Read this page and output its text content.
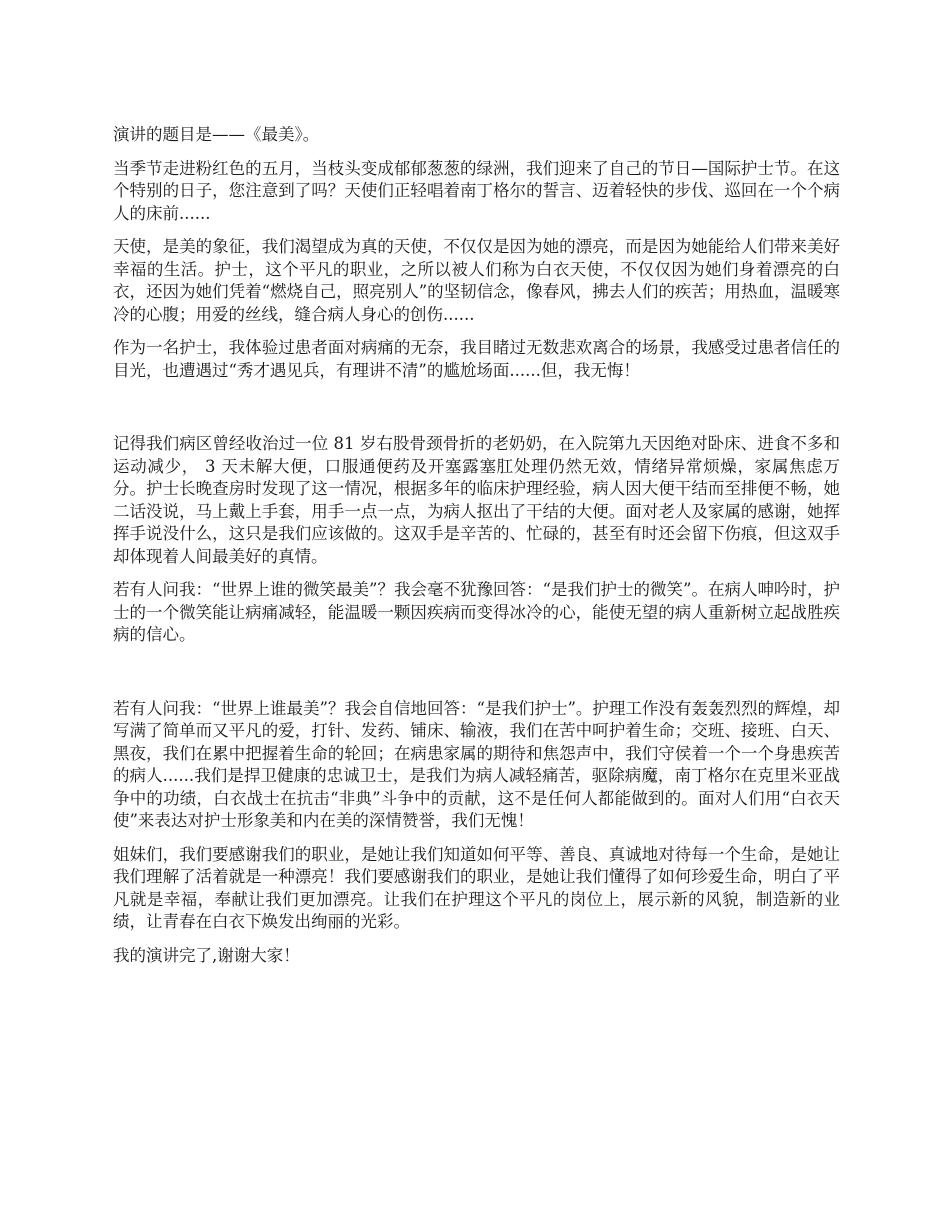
演讲的题目是——《最美》。

当季节走进粉红色的五月，当枝头变成郁郁葱葱的绿洲，我们迎来了自己的节日—国际护士节。在这个特别的日子，您注意到了吗？天使们正轻唱着南丁格尔的誓言、迈着轻快的步伐、巡回在一个个病人的床前......

天使，是美的象征，我们渴望成为真的天使，不仅仅是因为她的漂亮，而是因为她能给人们带来美好幸福的生活。护士，这个平凡的职业，之所以被人们称为白衣天使，不仅仅因为她们身着漂亮的白衣，还因为她们凭着“燃烧自己，照亮别人”的坚韧信念，像春风，拂去人们的疾苦；用热血，温暖寒冷的心腹；用爱的丝线，缝合病人身心的创伤......

作为一名护士，我体验过患者面对病痛的无奈，我目睹过无数悲欢离合的场景，我感受过患者信任的目光，也遭遇过“秀才遇见兵，有理讲不清”的尴尬场面......但，我无悔！

记得我们病区曾经收治过一位 81 岁右股骨颈骨折的老奶奶，在入院第九天因绝对卧床、进食不多和运动减少， 3 天未解大便，口服通便药及开塞露塞肛处理仍然无效，情绪异常烦燥，家属焦虑万分。护士长晚查房时发现了这一情况，根据多年的临床护理经验，病人因大便干结而至排便不畅，她二话没说，马上戴上手套，用手一点一点，为病人抠出了干结的大便。面对老人及家属的感谢，她挥挥手说没什么，这只是我们应该做的。这双手是辛苦的、忙碌的，甚至有时还会留下伤痕，但这双手却体现着人间最美好的真情。

若有人问我：“世界上谁的微笑最美”？我会毫不犹豫回答：“是我们护士的微笑”。在病人呻吟时，护士的一个微笑能让病痛减轻，能温暖一颗因疾病而变得冰冷的心，能使无望的病人重新树立起战胜疾病的信心。

若有人问我：“世界上谁最美”？我会自信地回答：“是我们护士”。护理工作没有轰轰烈烈的辉煌，却写满了简单而又平凡的爱，打针、发药、铺床、输液，我们在苦中呵护着生命；交班、接班、白天、黑夜，我们在累中把握着生命的轮回；在病患家属的期待和焦怨声中，我们守侯着一个一个身患疾苦的病人......我们是捍卫健康的忠诚卫士，是我们为病人减轻痛苦，驱除病魔，南丁格尔在克里米亚战争中的功绩，白衣战士在抗击“非典”斗争中的贡献，这不是任何人都能做到的。面对人们用“白衣天使”来表达对护士形象美和内在美的深情赞誉，我们无愧！

姐妹们，我们要感谢我们的职业，是她让我们知道如何平等、善良、真诚地对待每一个生命，是她让我们理解了活着就是一种漂亮！我们要感谢我们的职业，是她让我们懂得了如何珍爱生命，明白了平凡就是幸福，奉献让我们更加漂亮。让我们在护理这个平凡的岗位上，展示新的风貌，制造新的业绩，让青春在白衣下焕发出绚丽的光彩。

我的演讲完了,谢谢大家！
